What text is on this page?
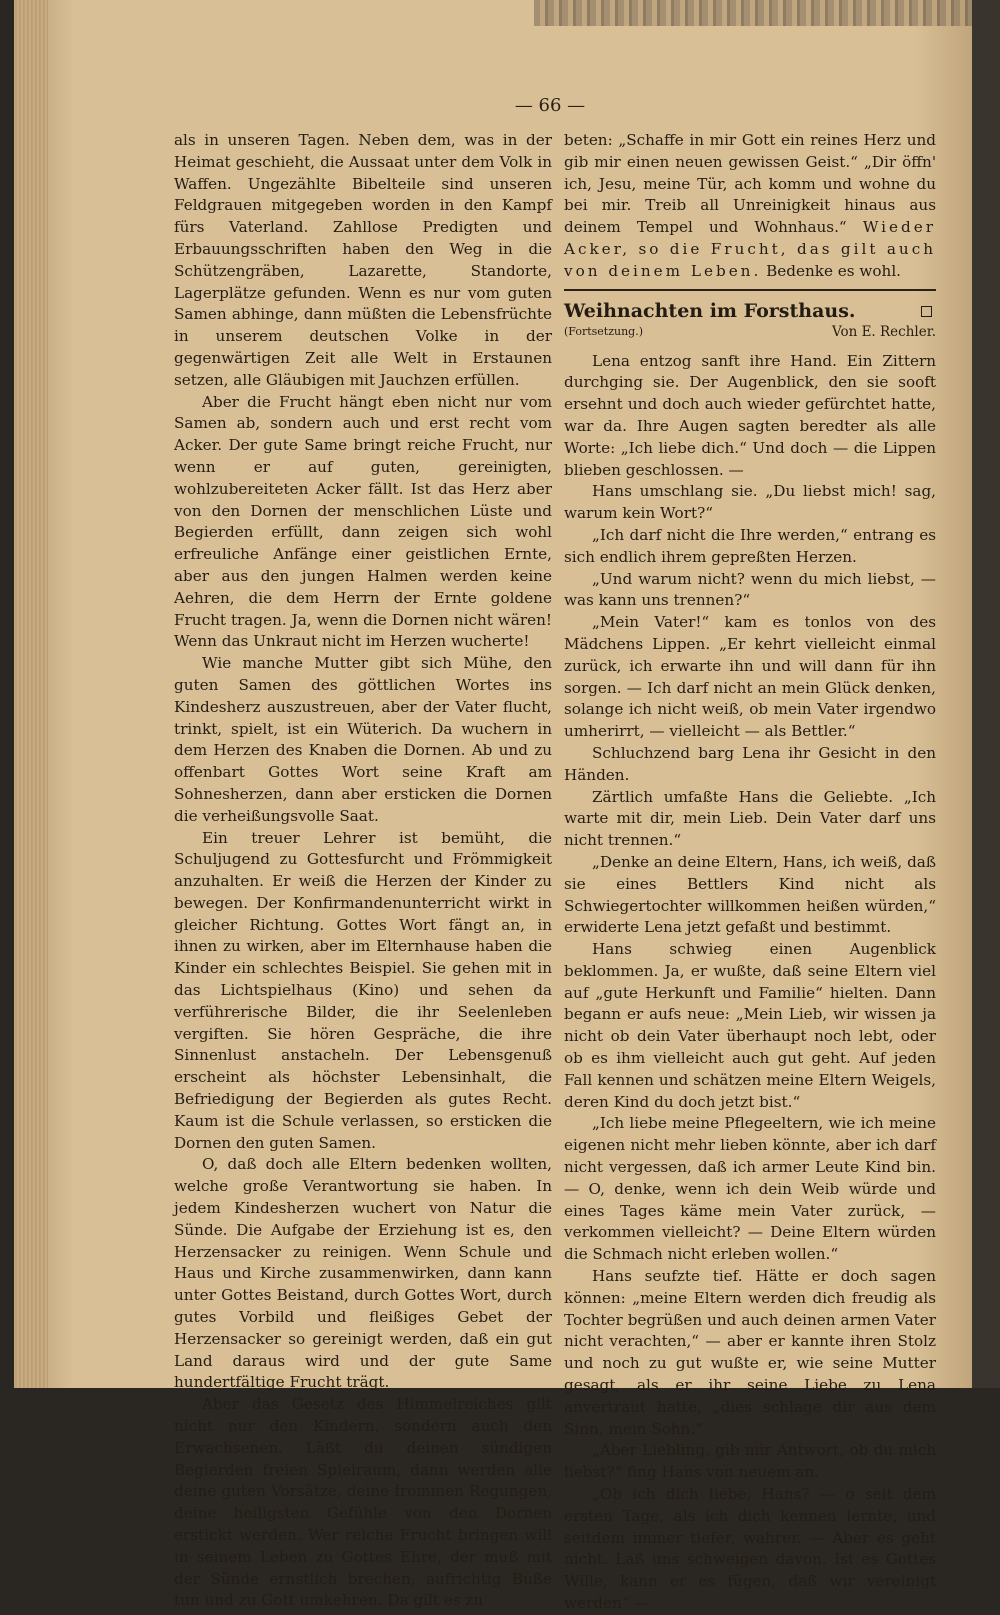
— 66 —

als in unseren Tagen. Neben dem, was in der Heimat geschieht, die Aussaat unter dem Volk in Waffen. Ungezählte Bibelteile sind unseren Feldgrauen mitgegeben worden in den Kampf fürs Vaterland. Zahllose Predigten und Erbauungsschriften haben den Weg in die Schützengräben, Lazarette, Standorte, Lagerplätze gefunden. Wenn es nur vom guten Samen abhinge, dann müßten die Lebensfrüchte in unserem deutschen Volke in der gegenwärtigen Zeit alle Welt in Erstaunen setzen, alle Gläubigen mit Jauchzen erfüllen.

Aber die Frucht hängt eben nicht nur vom Samen ab, sondern auch und erst recht vom Acker. Der gute Same bringt reiche Frucht, nur wenn er auf guten, gereinigten, wohlzubereiteten Acker fällt. Ist das Herz aber von den Dornen der menschlichen Lüste und Begierden erfüllt, dann zeigen sich wohl erfreuliche Anfänge einer geistlichen Ernte, aber aus den jungen Halmen werden keine Aehren, die dem Herrn der Ernte goldene Frucht tragen. Ja, wenn die Dornen nicht wären! Wenn das Unkraut nicht im Herzen wucherte!

Wie manche Mutter gibt sich Mühe, den guten Samen des göttlichen Wortes ins Kindesherz auszustreuen, aber der Vater flucht, trinkt, spielt, ist ein Wüterich. Da wuchern in dem Herzen des Knaben die Dornen. Ab und zu offenbart Gottes Wort seine Kraft am Sohnesherzen, dann aber ersticken die Dornen die verheißungsvolle Saat.

Ein treuer Lehrer ist bemüht, die Schuljugend zu Gottesfurcht und Frömmigkeit anzuhalten. Er weiß die Herzen der Kinder zu bewegen. Der Konfirmandenunterricht wirkt in gleicher Richtung. Gottes Wort fängt an, in ihnen zu wirken, aber im Elternhause haben die Kinder ein schlechtes Beispiel. Sie gehen mit in das Lichtspielhaus (Kino) und sehen da verführerische Bilder, die ihr Seelenleben vergiften. Sie hören Gespräche, die ihre Sinnenlust anstacheln. Der Lebensgenuß erscheint als höchster Lebensinhalt, die Befriedigung der Begierden als gutes Recht. Kaum ist die Schule verlassen, so ersticken die Dornen den guten Samen.

O, daß doch alle Eltern bedenken wollten, welche große Verantwortung sie haben. In jedem Kindesherzen wuchert von Natur die Sünde. Die Aufgabe der Erziehung ist es, den Herzensacker zu reinigen. Wenn Schule und Haus und Kirche zusammenwirken, dann kann unter Gottes Beistand, durch Gottes Wort, durch gutes Vorbild und fleißiges Gebet der Herzensacker so gereinigt werden, daß ein gut Land daraus wird und der gute Same hundertfältige Frucht trägt.

Aber das Gesetz des Himmelreiches gilt nicht nur den Kindern, sondern auch den Erwachsenen. Läßt du deinen sündigen Begierden freien Spielraum, dann werden alle deine guten Vorsätze, deine frommen Regungen, deine heiligsten Gefühle von den Dornen erstickt werden. Wer reiche Frucht bringen will in seinem Leben zu Gottes Ehre, der muß mit der Sünde ernstlich brechen, aufrichtig Buße tun und zu Gott umkehren. Da gilt es zu

beten: „Schaffe in mir Gott ein reines Herz und gib mir einen neuen gewissen Geist.“ „Dir öffn' ich, Jesu, meine Tür, ach komm und wohne du bei mir. Treib all Unreinigkeit hinaus aus deinem Tempel und Wohnhaus.“ Wieder Acker, so die Frucht, das gilt auch von deinem Leben. Bedenke es wohl.

Weihnachten im Forsthaus.
(Fortsetzung.)	Von E. Rechler.

Lena entzog sanft ihre Hand. Ein Zittern durchging sie. Der Augenblick, den sie sooft ersehnt und doch auch wieder gefürchtet hatte, war da. Ihre Augen sagten beredter als alle Worte: „Ich liebe dich.“ Und doch — die Lippen blieben geschlossen. —

Hans umschlang sie. „Du liebst mich! sag, warum kein Wort?“

„Ich darf nicht die Ihre werden,“ entrang es sich endlich ihrem gepreßten Herzen.

„Und warum nicht? wenn du mich liebst, — was kann uns trennen?“

„Mein Vater!“ kam es tonlos von des Mädchens Lippen. „Er kehrt vielleicht einmal zurück, ich erwarte ihn und will dann für ihn sorgen. — Ich darf nicht an mein Glück denken, solange ich nicht weiß, ob mein Vater irgendwo umherirrt, — vielleicht — als Bettler.“

Schluchzend barg Lena ihr Gesicht in den Händen.

Zärtlich umfaßte Hans die Geliebte. „Ich warte mit dir, mein Lieb. Dein Vater darf uns nicht trennen.“

„Denke an deine Eltern, Hans, ich weiß, daß sie eines Bettlers Kind nicht als Schwiegertochter willkommen heißen würden,“ erwiderte Lena jetzt gefaßt und bestimmt.

Hans schwieg einen Augenblick beklommen. Ja, er wußte, daß seine Eltern viel auf „gute Herkunft und Familie“ hielten. Dann begann er aufs neue: „Mein Lieb, wir wissen ja nicht ob dein Vater überhaupt noch lebt, oder ob es ihm vielleicht auch gut geht. Auf jeden Fall kennen und schätzen meine Eltern Weigels, deren Kind du doch jetzt bist.“

„Ich liebe meine Pflegeeltern, wie ich meine eigenen nicht mehr lieben könnte, aber ich darf nicht vergessen, daß ich armer Leute Kind bin. — O, denke, wenn ich dein Weib würde und eines Tages käme mein Vater zurück, — verkommen vielleicht? — Deine Eltern würden die Schmach nicht erleben wollen.“

Hans seufzte tief. Hätte er doch sagen können: „meine Eltern werden dich freudig als Tochter begrüßen und auch deinen armen Vater nicht verachten,“ — aber er kannte ihren Stolz und noch zu gut wußte er, wie seine Mutter gesagt, als er ihr seine Liebe zu Lena anvertraut hatte, „dies schlage dir aus dem Sinn, mein Sohn.“

„Aber Liebling, gib mir Antwort, ob du mich liebst?“ fing Hans von neuem an.

„Ob ich dich liebe, Hans? — o seit dem ersten Tage, als ich dich kennen lernte, und seitdem immer tiefer, wahrer. — Aber es geht nicht. Laß uns schweigen davon. Ist es Gottes Wille, kann er es fügen, daß wir vereinigt werden“ —
